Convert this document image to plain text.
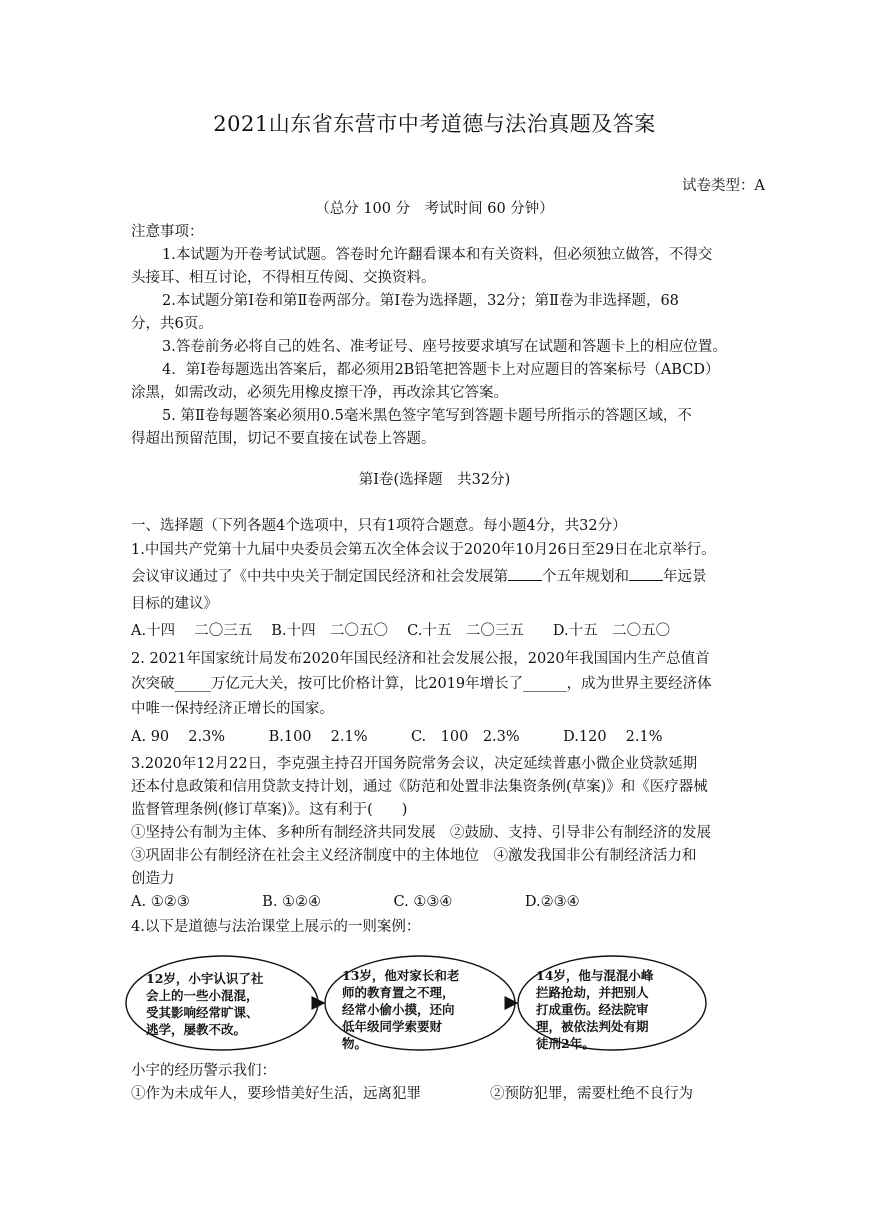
2021山东省东营市中考道德与法治真题及答案
试卷类型：A
（总分 100 分　考试时间 60 分钟）
注意事项：
1.本试题为开卷考试试题。答卷时允许翻看课本和有关资料，但必须独立做答，不得交
头接耳、相互讨论，不得相互传阅、交换资料。
2.本试题分第Ⅰ卷和第Ⅱ卷两部分。第Ⅰ卷为选择题，32分；第Ⅱ卷为非选择题，68
分，共6页。
3.答卷前务必将自己的姓名、准考证号、座号按要求填写在试题和答题卡上的相应位置。
4．第Ⅰ卷每题选出答案后，都必须用2B铅笔把答题卡上对应题目的答案标号（ABCD）
涂黑，如需改动，必须先用橡皮擦干净，再改涂其它答案。
5. 第Ⅱ卷每题答案必须用0.5毫米黑色签字笔写到答题卡题号所指示的答题区域，不
得超出预留范围，切记不要直接在试卷上答题。
第Ⅰ卷(选择题　共32分)
一、选择题（下列各题4个选项中，只有1项符合题意。每小题4分，共32分）
1.中国共产党第十九届中央委员会第五次全体会议于2020年10月26日至29日在北京举行。
会议审议通过了《中共中央关于制定国民经济和社会发展第 个五年规划和 年远景
目标的建议》
A.十四　 二〇三五　 B.十四　二〇五〇　 C.十五　二〇三五　　D.十五　二〇五〇
2. 2021年国家统计局发布2020年国民经济和社会发展公报，2020年我国国内生产总值首
次突破_____万亿元大关，按可比价格计算，比2019年增长了______，成为世界主要经济体
中唯一保持经济正增长的国家。
A. 90　 2.3%　　　B.100　 2.1%　　　C.　100　2.3%　　　D.120　 2.1%
3.2020年12月22日，李克强主持召开国务院常务会议，决定延续普惠小微企业贷款延期
还本付息政策和信用贷款支持计划，通过《防范和处置非法集资条例(草案)》和《医疗器械
监督管理条例(修订草案)》。这有利于(　　)
①坚持公有制为主体、多种所有制经济共同发展　②鼓励、支持、引导非公有制经济的发展
③巩固非公有制经济在社会主义经济制度中的主体地位　④激发我国非公有制经济活力和
创造力
A. ①②③　　　　　B. ①②④　　　　　C. ①③④　　　　　D.②③④
4.以下是道德与法治课堂上展示的一则案例：
12岁，小宇认识了社
会上的一些小混混，
受其影响经常旷课、
逃学，屡教不改。
13岁，他对家长和老
师的教育置之不理，
经常小偷小摸，还向
低年级同学索要财
物。
14岁，他与混混小峰
拦路抢劫，并把别人
打成重伤。经法院审
理，被依法判处有期
徒刑2年。
小宇的经历警示我们：
①作为未成年人，要珍惜美好生活，远离犯罪	②预防犯罪，需要杜绝不良行为
